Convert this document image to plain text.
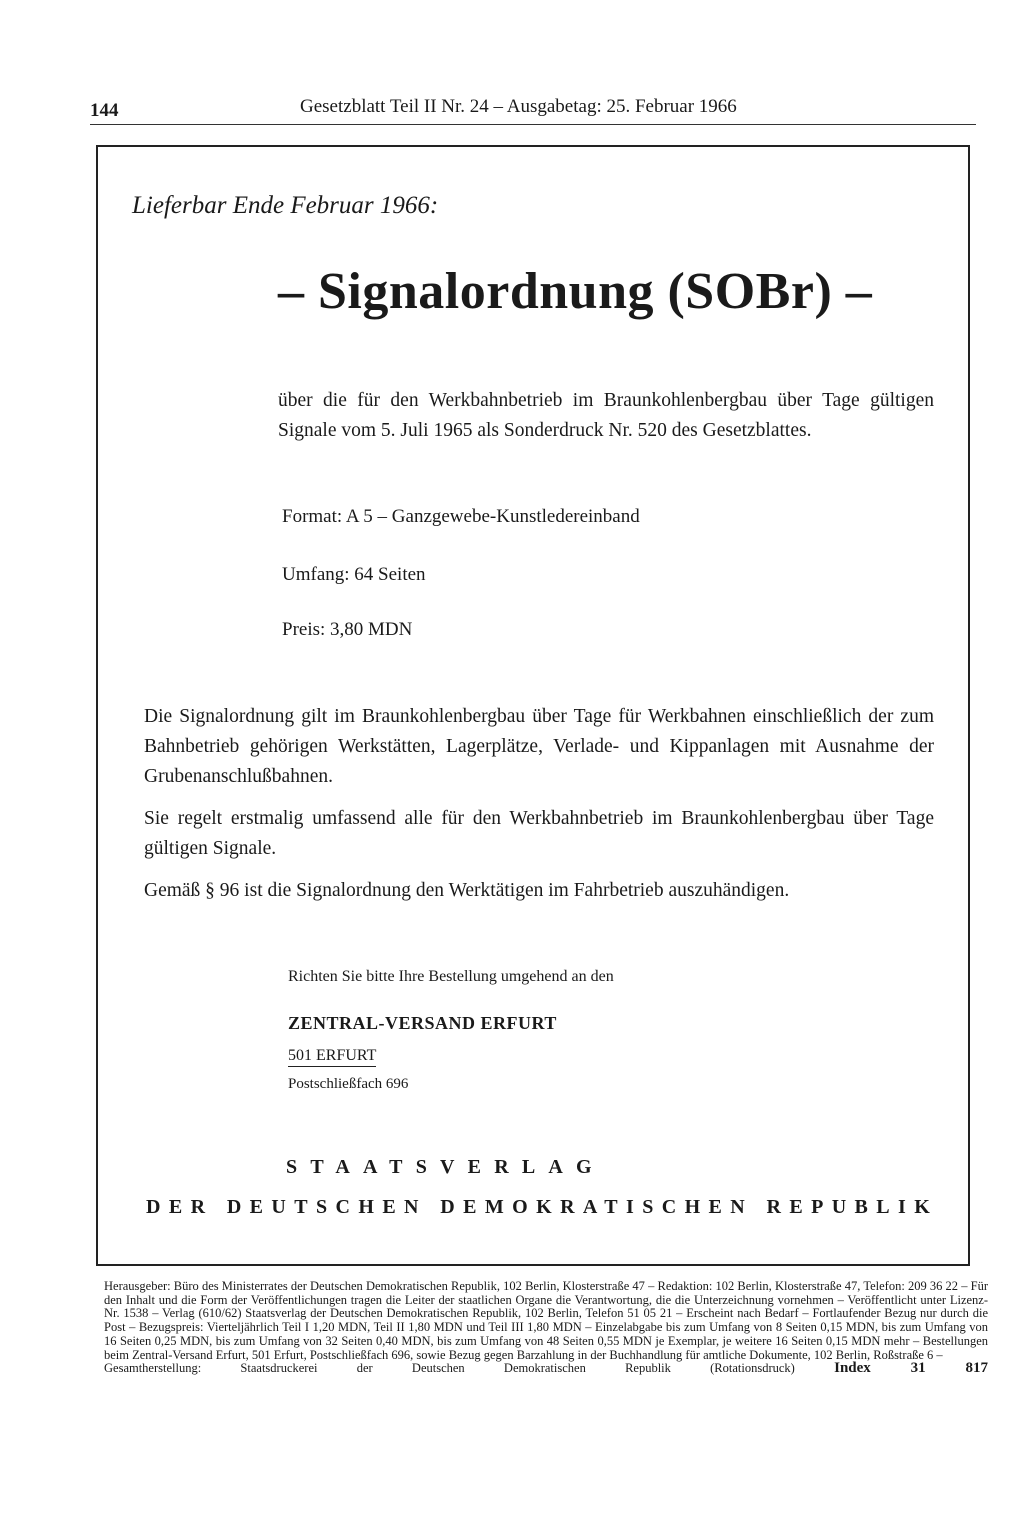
144	Gesetzblatt Teil II Nr. 24 – Ausgabetag: 25. Februar 1966
Lieferbar Ende Februar 1966:
– Signalordnung (SOBr) –
über die für den Werkbahnbetrieb im Braunkohlenbergbau über Tage gültigen Signale vom 5. Juli 1965 als Sonderdruck Nr. 520 des Gesetzblattes.
Format: A 5 – Ganzgewebe-Kunstledereinband
Umfang: 64 Seiten
Preis: 3,80 MDN
Die Signalordnung gilt im Braunkohlenbergbau über Tage für Werkbahnen einschließlich der zum Bahnbetrieb gehörigen Werkstätten, Lagerplätze, Verlade- und Kippanlagen mit Ausnahme der Grubenanschlußbahnen.
Sie regelt erstmalig umfassend alle für den Werkbahnbetrieb im Braunkohlenbergbau über Tage gültigen Signale.
Gemäß § 96 ist die Signalordnung den Werktätigen im Fahrbetrieb auszuhändigen.
Richten Sie bitte Ihre Bestellung umgehend an den
ZENTRAL-VERSAND ERFURT
501 ERFURT
Postschließfach 696
STAATSVERLAG
DER DEUTSCHEN DEMOKRATISCHEN REPUBLIK
Herausgeber: Büro des Ministerrates der Deutschen Demokratischen Republik, 102 Berlin, Klosterstraße 47 – Redaktion: 102 Berlin, Klosterstraße 47, Telefon: 209 36 22 – Für den Inhalt und die Form der Veröffentlichungen tragen die Leiter der staatlichen Organe die Verantwortung, die die Unterzeichnung vornehmen – Veröffentlicht unter Lizenz-Nr. 1538 – Verlag (610/62) Staatsverlag der Deutschen Demokratischen Republik, 102 Berlin, Telefon 51 05 21 – Erscheint nach Bedarf – Fortlaufender Bezug nur durch die Post – Bezugspreis: Vierteljährlich Teil I 1,20 MDN, Teil II 1,80 MDN und Teil III 1,80 MDN – Einzelabgabe bis zum Umfang von 8 Seiten 0,15 MDN, bis zum Umfang von 16 Seiten 0,25 MDN, bis zum Umfang von 32 Seiten 0,40 MDN, bis zum Umfang von 48 Seiten 0,55 MDN je Exemplar, je weitere 16 Seiten 0,15 MDN mehr – Bestellungen beim Zentral-Versand Erfurt, 501 Erfurt, Postschließfach 696, sowie Bezug gegen Barzahlung in der Buchhandlung für amtliche Dokumente, 102 Berlin, Roßstraße 6 –
Gesamtherstellung: Staatsdruckerei der Deutschen Demokratischen Republik (Rotationsdruck)	Index 31 817
